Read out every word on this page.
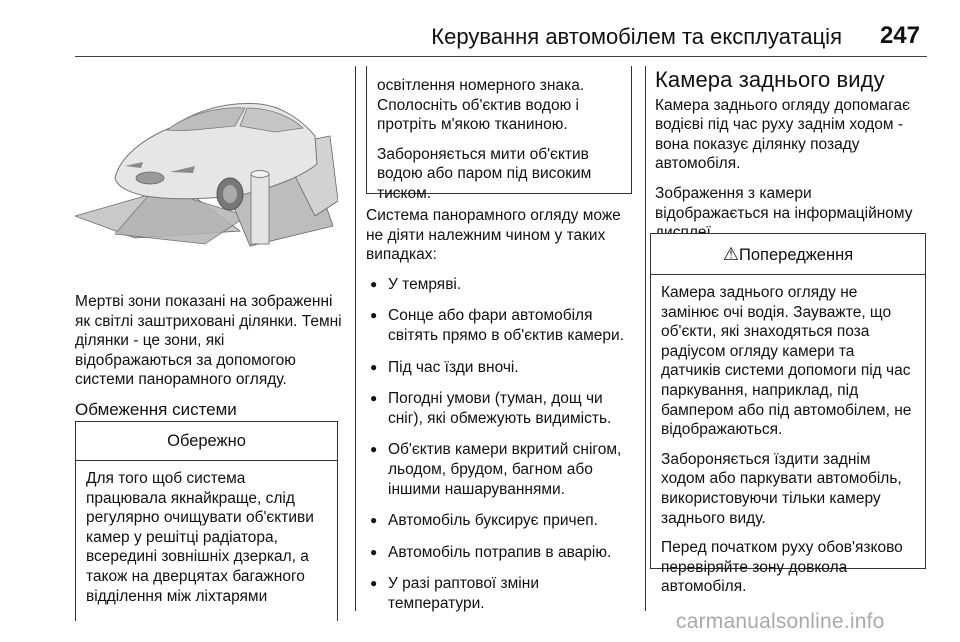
Керування автомобілем та експлуатація 247

Мертві зони показані на зображенні як світлі заштриховані ділянки. Темні ділянки - це зони, які відображаються за допомогою системи панорамного огляду.

Обмеження системи
Обережно

Для того щоб система працювала якнайкраще, слід регулярно очищувати об'єктиви камер у решітці радіатора, всередині зовнішніх дзеркал, а також на дверцятах багажного відділення між ліхтарями

освітлення номерного знака. Сполосніть об'єктив водою і протріть м'якою тканиною.

Забороняється мити об'єктив водою або паром під високим тиском.

Система панорамного огляду може не діяти належним чином у таких випадках:

● У темряві.
● Сонце або фари автомобіля світять прямо в об'єктив камери.
● Під час їзди вночі.
● Погодні умови (туман, дощ чи сніг), які обмежують видимість.
● Об'єктив камери вкритий снігом, льодом, брудом, багном або іншими нашаруваннями.
● Автомобіль буксирує причеп.
● Автомобіль потрапив в аварію.
● У разі раптової зміни температури.
Камера заднього виду

Камера заднього огляду допомагає водієві під час руху заднім ходом - вона показує ділянку позаду автомобіля.

Зображення з камери відображається на інформаційному

⚠Попередження

Камера заднього огляду не замінює очі водія. Зауважте, що об'єкти, які знаходяться поза радіусом огляду камери та датчиків системи допомоги під час паркування, наприклад, під бампером або під автомобілем, не відображаються.

Забороняється їздити заднім ходом або паркувати автомобіль, використовуючи тільки камеру заднього виду.

Перед початком руху обов'язково перевіряйте зону довкола автомобіля.

carmanualsonline.info
